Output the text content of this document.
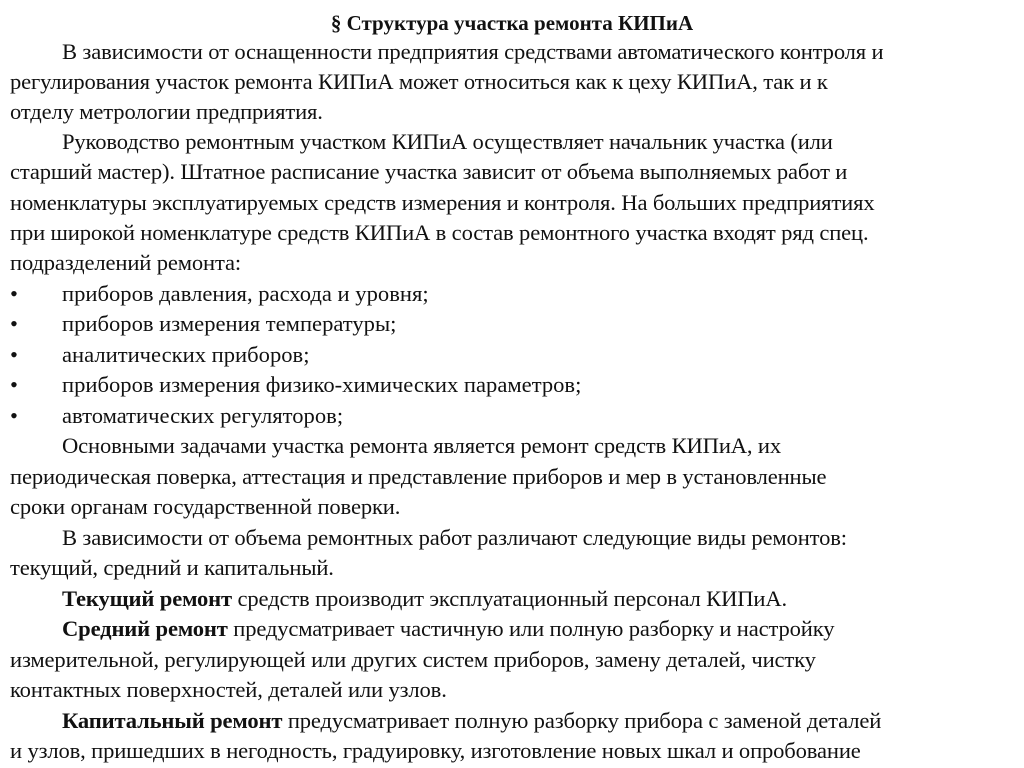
§ Структура участка ремонта КИПиА
В зависимости от оснащенности предприятия средствами автоматического контроля и
регулирования участок ремонта КИПиА может относиться как к цеху КИПиА, так и к
отделу метрологии предприятия.
Руководство ремонтным участком КИПиА осуществляет начальник участка (или
старший мастер). Штатное расписание участка зависит от объема выполняемых работ и
номенклатуры эксплуатируемых средств измерения и контроля. На больших предприятиях
при широкой номенклатуре средств КИПиА в состав ремонтного участка входят ряд спец.
подразделений ремонта:
• приборов давления, расхода и уровня;
• приборов измерения температуры;
• аналитических приборов;
• приборов измерения физико-химических параметров;
• автоматических регуляторов;
Основными задачами участка ремонта является ремонт средств КИПиА, их
периодическая поверка, аттестация и представление приборов и мер в установленные
сроки органам государственной поверки.
В зависимости от объема ремонтных работ различают следующие виды ремонтов:
текущий, средний и капитальный.
Текущий ремонт средств производит эксплуатационный персонал КИПиА.
Средний ремонт предусматривает частичную или полную разборку и настройку
измерительной, регулирующей или других систем приборов, замену деталей, чистку
контактных поверхностей, деталей или узлов.
Капитальный ремонт предусматривает полную разборку прибора с заменой деталей
и узлов, пришедших в негодность, градуировку, изготовление новых шкал и опробование
